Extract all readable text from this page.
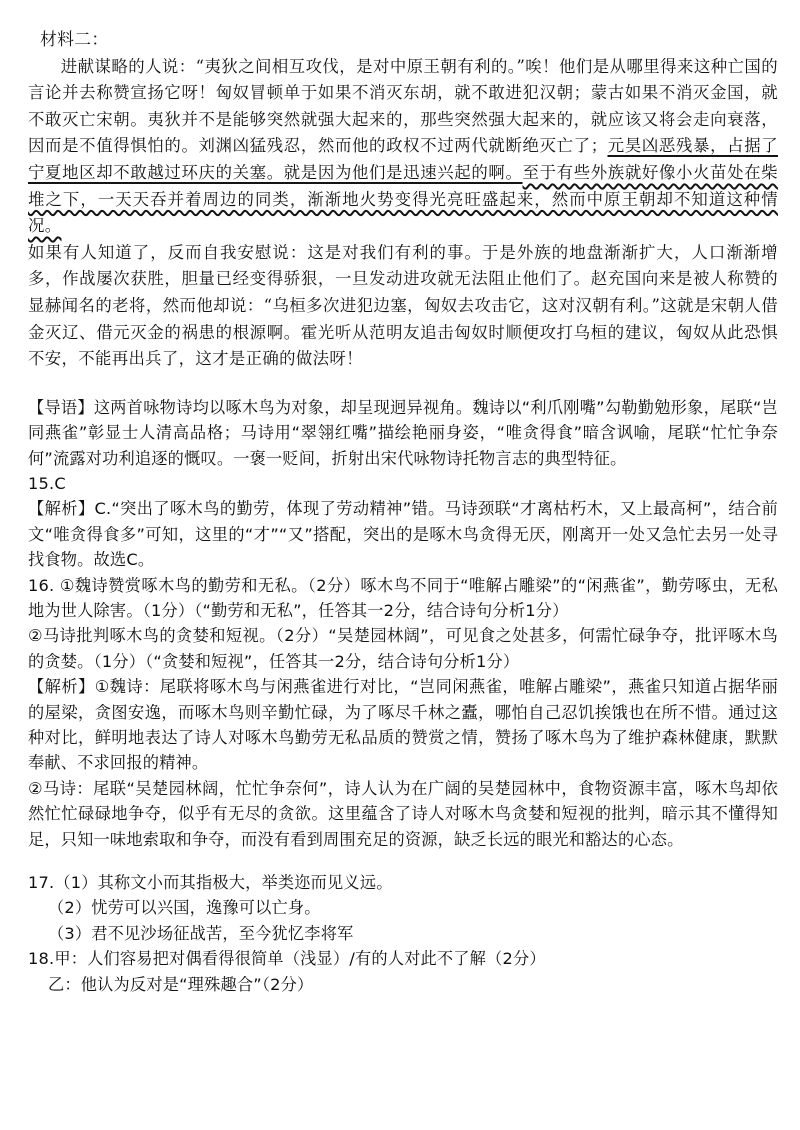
材料二：

进献谋略的人说：“夷狄之间相互攻伐，是对中原王朝有利的。”唉！他们是从哪里得来这种亡国的言论并去称赞宣扬它呀！匈奴冒顿单于如果不消灭东胡，就不敢进犯汉朝；蒙古如果不消灭金国，就不敢灭亡宋朝。夷狄并不是能够突然就强大起来的，那些突然强大起来的，就应该又将会走向衰落，因而是不值得惧怕的。刘渊凶猛残忍，然而他的政权不过两代就断绝灭亡了；元昊凶恶残暴，占据了宁夏地区却不敢越过环庆的关塞。就是因为他们是迅速兴起的啊。至于有些外族就好像小火苗处在柴堆之下，一天天吞并着周边的同类，渐渐地火势变得光亮旺盛起来，然而中原王朝却不知道这种情况。
如果有人知道了，反而自我安慰说：这是对我们有利的事。于是外族的地盘渐渐扩大，人口渐渐增多，作战屡次获胜，胆量已经变得骄狠，一旦发动进攻就无法阻止他们了。赵充国向来是被人称赞的显赫闻名的老将，然而他却说：“乌桓多次进犯边塞，匈奴去攻击它，这对汉朝有利。”这就是宋朝人借金灭辽、借元灭金的祸患的根源啊。霍光听从范明友追击匈奴时顺便攻打乌桓的建议，匈奴从此恐惧不安，不能再出兵了，这才是正确的做法呀！

【导语】这两首咏物诗均以啄木鸟为对象，却呈现迥异视角。魏诗以“利爪刚嘴”勾勒勤勉形象，尾联“岂同燕雀”彰显士人清高品格；马诗用“翠翎红嘴”描绘艳丽身姿，“唯贪得食”暗含讽喻，尾联“忙忙争奈何”流露对功利追逐的慨叹。一褒一贬间，折射出宋代咏物诗托物言志的典型特征。

15.C

【解析】C.“突出了啄木鸟的勤劳，体现了劳动精神”错。马诗颈联“才离枯朽木，又上最高柯”，结合前文“唯贪得食多”可知，这里的“才”“又”搭配，突出的是啄木鸟贪得无厌，刚离开一处又急忙去另一处寻找食物。故选C。

16. ①魏诗赞赏啄木鸟的勤劳和无私。（2分）啄木鸟不同于“唯解占雕梁”的“闲燕雀”，勤劳啄虫，无私地为世人除害。（1分）（“勤劳和无私”，任答其一2分，结合诗句分析1分）

②马诗批判啄木鸟的贪婪和短视。（2分）“吴楚园林阔”，可见食之处甚多，何需忙碌争夺，批评啄木鸟的贪婪。（1分）（“贪婪和短视”，任答其一2分，结合诗句分析1分）

【解析】①魏诗：尾联将啄木鸟与闲燕雀进行对比，“岂同闲燕雀，唯解占雕梁”，燕雀只知道占据华丽的屋梁，贪图安逸，而啄木鸟则辛勤忙碌，为了啄尽千林之蠹，哪怕自己忍饥挨饿也在所不惜。通过这种对比，鲜明地表达了诗人对啄木鸟勤劳无私品质的赞赏之情，赞扬了啄木鸟为了维护森林健康，默默奉献、不求回报的精神。

②马诗：尾联“吴楚园林阔，忙忙争奈何”，诗人认为在广阔的吴楚园林中，食物资源丰富，啄木鸟却依然忙忙碌碌地争夺，似乎有无尽的贪欲。这里蕴含了诗人对啄木鸟贪婪和短视的批判，暗示其不懂得知足，只知一味地索取和争夺，而没有看到周围充足的资源，缺乏长远的眼光和豁达的心态。

17.（1）其称文小而其指极大，举类迩而见义远。

（2）忧劳可以兴国，逸豫可以亡身。

（3）君不见沙场征战苦，至今犹忆李将军

18.甲：人们容易把对偶看得很简单（浅显）/有的人对此不了解（2分）

乙：他认为反对是“理殊趣合”（2分）
